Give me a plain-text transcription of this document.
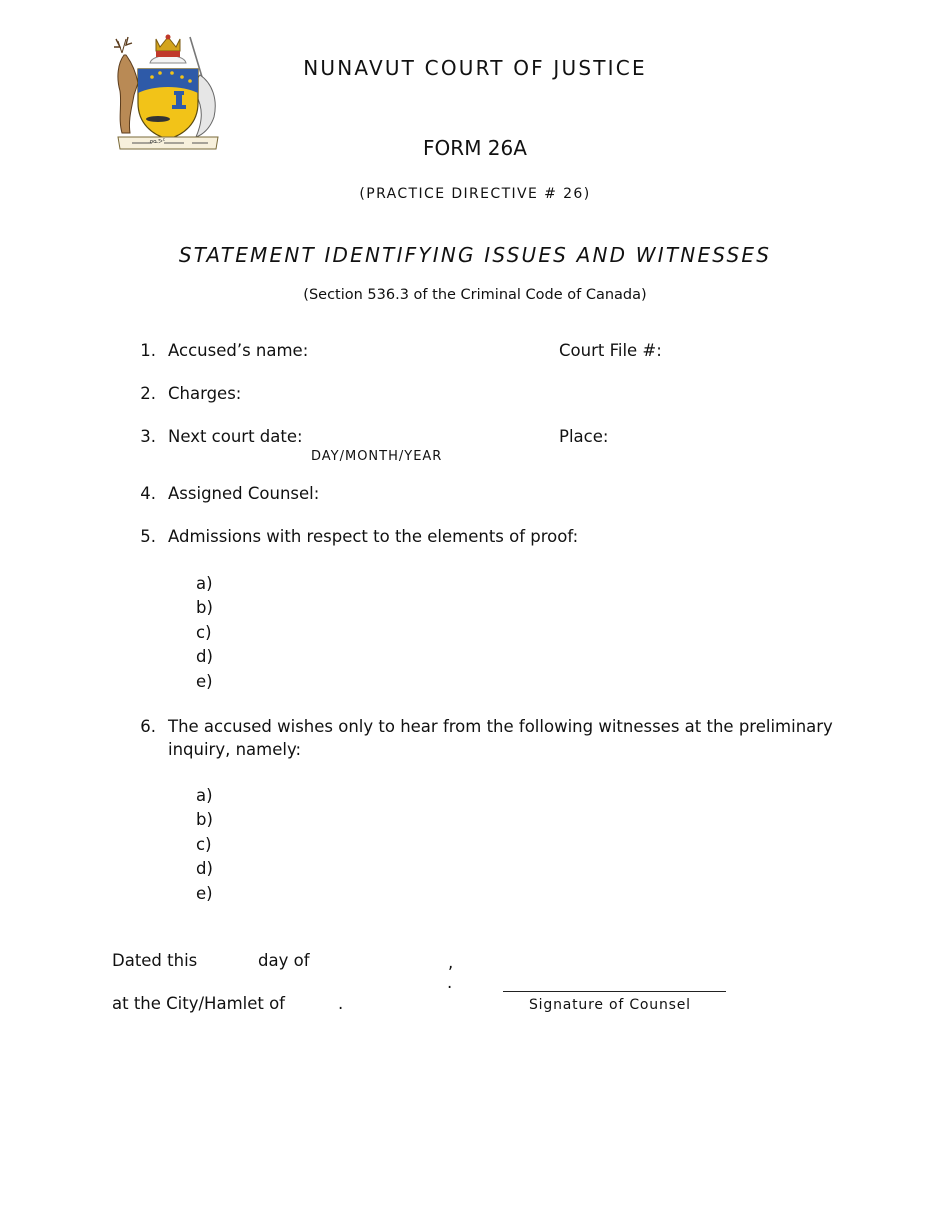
ᓄᓇᕗᑦ
NUNAVUT COURT OF JUSTICE
FORM 26A
(PRACTICE DIRECTIVE # 26)
STATEMENT IDENTIFYING ISSUES AND WITNESSES
(Section 536.3 of the Criminal Code of Canada)
1. Accused’s name:	Court File #:
2. Charges:
3. Next court date:	Place:
DAY/MONTH/YEAR
4. Assigned Counsel:
5. Admissions with respect to the elements of proof:
a)
b)
c)
d)
e)
6. The accused wishes only to hear from the following witnesses at the preliminary
inquiry, namely:
a)
b)
c)
d)
e)
Dated this	day of	,
.
at the City/Hamlet of	.	Signature of Counsel
